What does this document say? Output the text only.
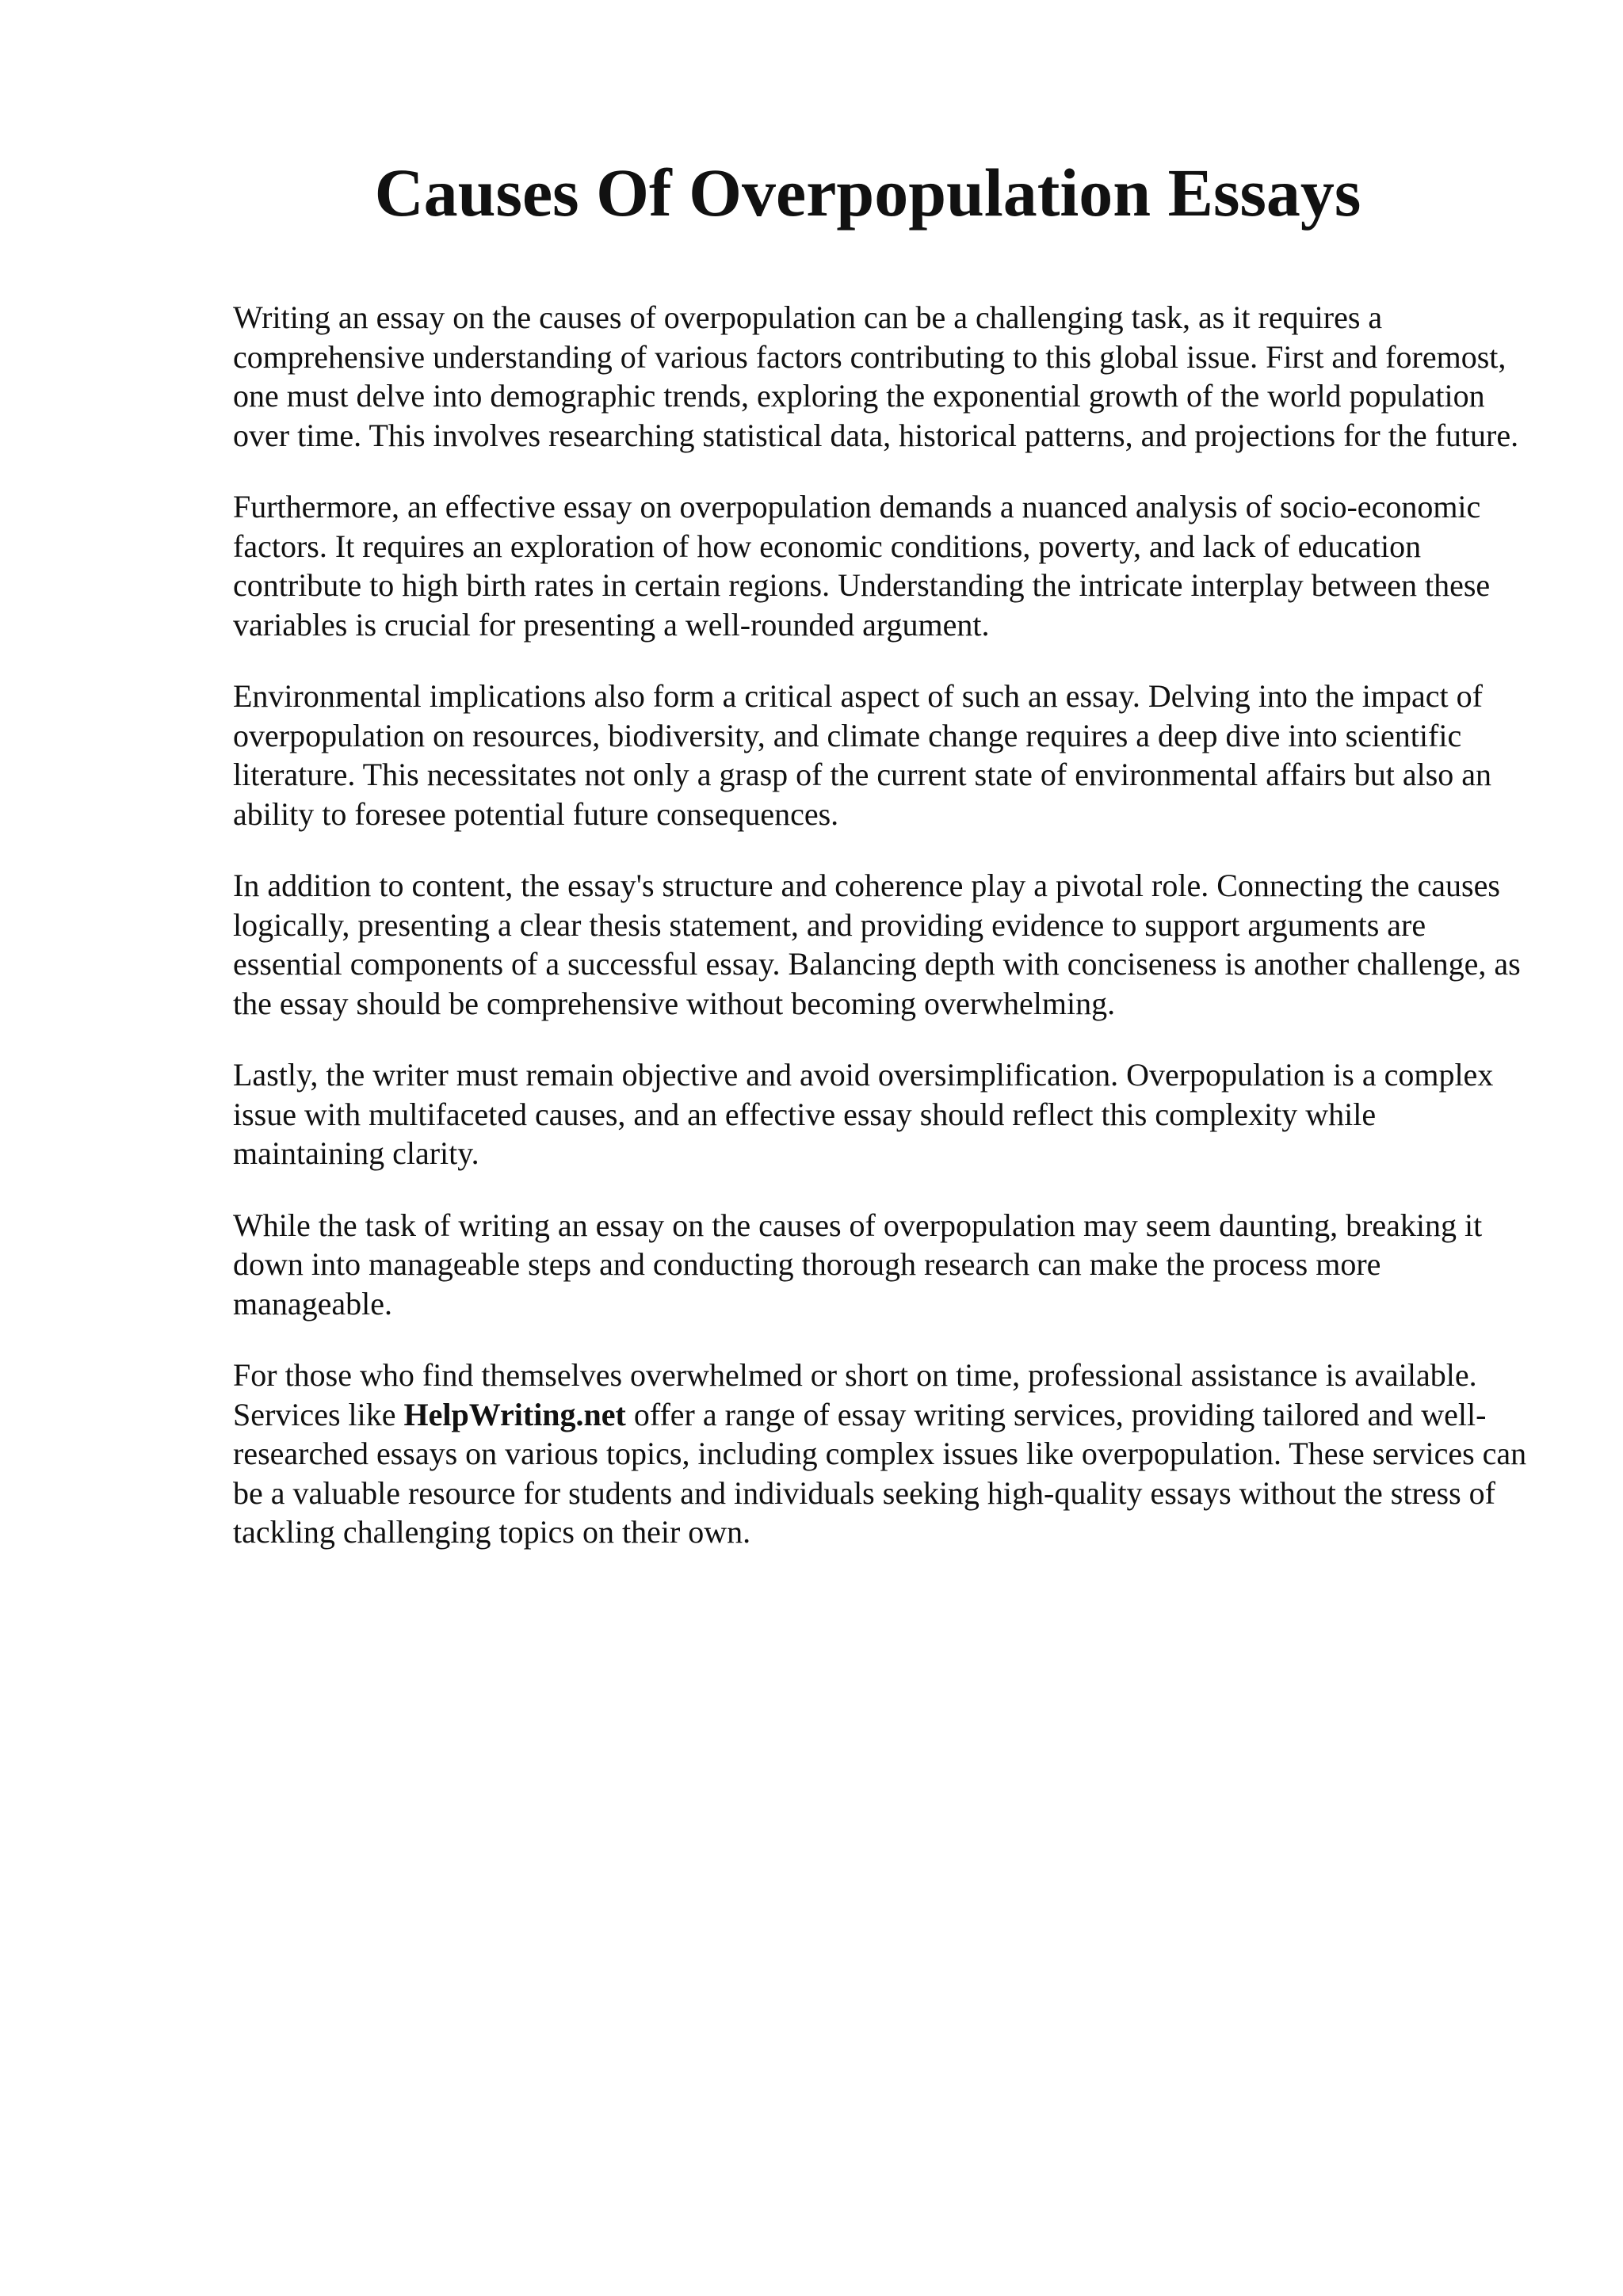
Causes Of Overpopulation Essays

Writing an essay on the causes of overpopulation can be a challenging task, as it requires a comprehensive understanding of various factors contributing to this global issue. First and foremost, one must delve into demographic trends, exploring the exponential growth of the world population over time. This involves researching statistical data, historical patterns, and projections for the future.

Furthermore, an effective essay on overpopulation demands a nuanced analysis of socio-economic factors. It requires an exploration of how economic conditions, poverty, and lack of education contribute to high birth rates in certain regions. Understanding the intricate interplay between these variables is crucial for presenting a well-rounded argument.

Environmental implications also form a critical aspect of such an essay. Delving into the impact of overpopulation on resources, biodiversity, and climate change requires a deep dive into scientific literature. This necessitates not only a grasp of the current state of environmental affairs but also an ability to foresee potential future consequences.

In addition to content, the essay's structure and coherence play a pivotal role. Connecting the causes logically, presenting a clear thesis statement, and providing evidence to support arguments are essential components of a successful essay. Balancing depth with conciseness is another challenge, as the essay should be comprehensive without becoming overwhelming.

Lastly, the writer must remain objective and avoid oversimplification. Overpopulation is a complex issue with multifaceted causes, and an effective essay should reflect this complexity while maintaining clarity.

While the task of writing an essay on the causes of overpopulation may seem daunting, breaking it down into manageable steps and conducting thorough research can make the process more manageable.

For those who find themselves overwhelmed or short on time, professional assistance is available. Services like HelpWriting.net offer a range of essay writing services, providing tailored and well-researched essays on various topics, including complex issues like overpopulation. These services can be a valuable resource for students and individuals seeking high-quality essays without the stress of tackling challenging topics on their own.
